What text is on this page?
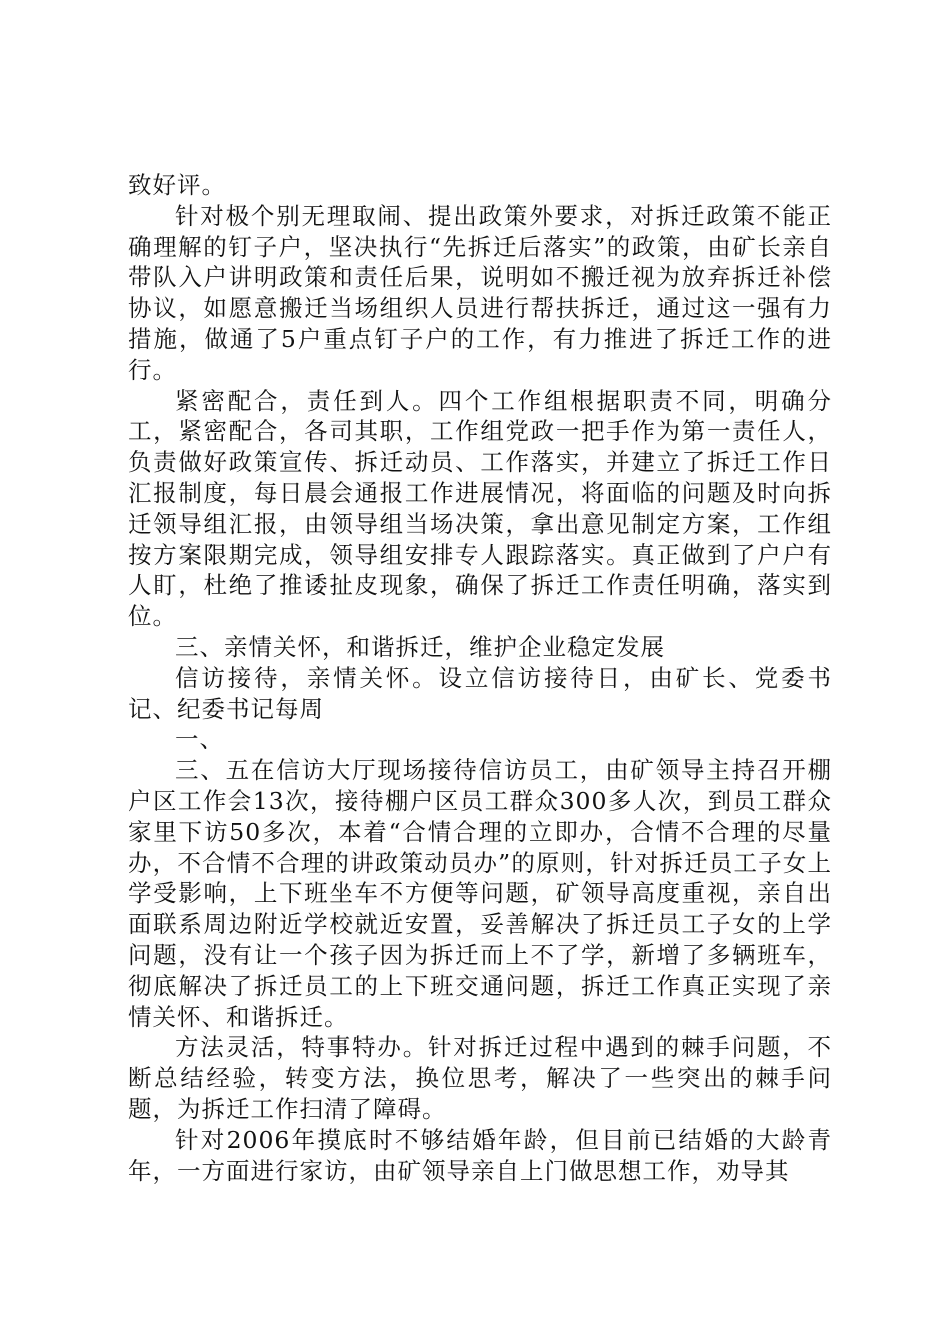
致好评。

针对极个别无理取闹、提出政策外要求，对拆迁政策不能正确理解的钉子户，坚决执行“先拆迁后落实”的政策，由矿长亲自带队入户讲明政策和责任后果，说明如不搬迁视为放弃拆迁补偿协议，如愿意搬迁当场组织人员进行帮扶拆迁，通过这一强有力措施，做通了5户重点钉子户的工作，有力推进了拆迁工作的进行。

紧密配合，责任到人。四个工作组根据职责不同，明确分工，紧密配合，各司其职，工作组党政一把手作为第一责任人，负责做好政策宣传、拆迁动员、工作落实，并建立了拆迁工作日汇报制度，每日晨会通报工作进展情况，将面临的问题及时向拆迁领导组汇报，由领导组当场决策，拿出意见制定方案，工作组按方案限期完成，领导组安排专人跟踪落实。真正做到了户户有人盯，杜绝了推诿扯皮现象，确保了拆迁工作责任明确，落实到位。

三、亲情关怀，和谐拆迁，维护企业稳定发展

信访接待，亲情关怀。设立信访接待日，由矿长、党委书记、纪委书记每周

一、

三、五在信访大厅现场接待信访员工，由矿领导主持召开棚户区工作会13次，接待棚户区员工群众300多人次，到员工群众家里下访50多次，本着“合情合理的立即办，合情不合理的尽量办，不合情不合理的讲政策动员办”的原则，针对拆迁员工子女上学受影响，上下班坐车不方便等问题，矿领导高度重视，亲自出面联系周边附近学校就近安置，妥善解决了拆迁员工子女的上学问题，没有让一个孩子因为拆迁而上不了学，新增了多辆班车，彻底解决了拆迁员工的上下班交通问题，拆迁工作真正实现了亲情关怀、和谐拆迁。

方法灵活，特事特办。针对拆迁过程中遇到的棘手问题，不断总结经验，转变方法，换位思考，解决了一些突出的棘手问题，为拆迁工作扫清了障碍。

针对2006年摸底时不够结婚年龄，但目前已结婚的大龄青年，一方面进行家访，由矿领导亲自上门做思想工作，劝导其
